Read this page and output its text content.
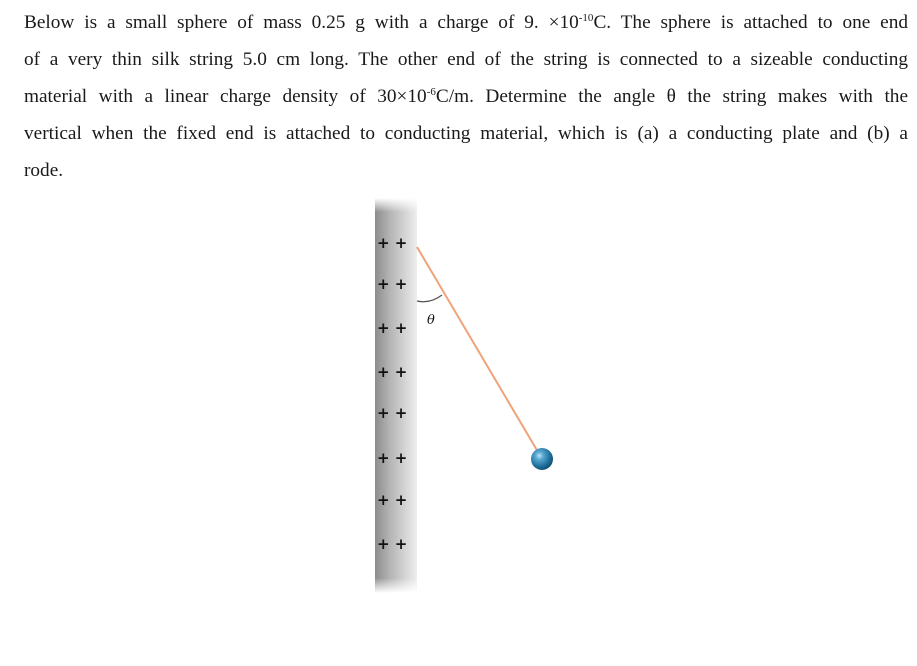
Below is a small sphere of mass 0.25 g with a charge of 9. $\times 10^{-10}C$. The sphere is attached to one end
of a very thin silk string 5.0 cm long. The other end of the string is connected to a sizeable conducting
material with a linear charge density of $30\times 10^{-6}C/m$. Determine the angle θ the string makes with the
vertical when the fixed end is attached to conducting material, which is (a) a conducting plate and (b) a
rode.
+ +
+ +
+ +
+ +
+ +
+ +
+ +
+ +
θ
